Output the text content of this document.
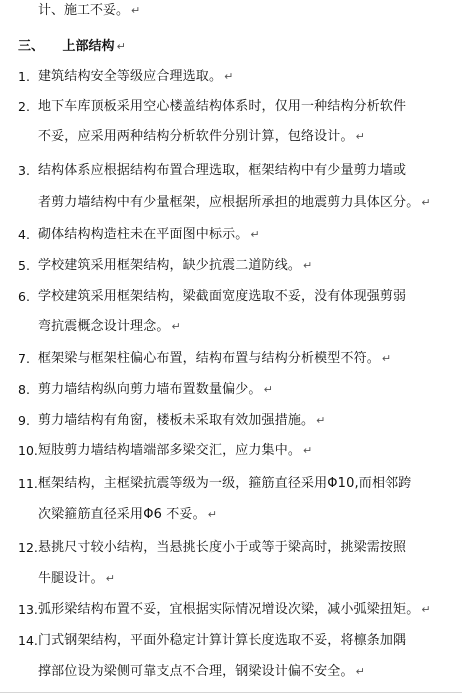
计、施工不妥。 ↵
三、 上部结构 ↵
1. 建筑结构安全等级应合理选取。 ↵
2. 地下车库顶板采用空心楼盖结构体系时，仅用一种结构分析软件
不妥，应采用两种结构分析软件分别计算，包络设计。 ↵
3. 结构体系应根据结构布置合理选取，框架结构中有少量剪力墙或
者剪力墙结构中有少量框架，应根据所承担的地震剪力具体区分。 ↵
4. 砌体结构构造柱未在平面图中标示。 ↵
5. 学校建筑采用框架结构，缺少抗震二道防线。 ↵
6. 学校建筑采用框架结构，梁截面宽度选取不妥，没有体现强剪弱
弯抗震概念设计理念。 ↵
7. 框架梁与框架柱偏心布置，结构布置与结构分析模型不符。 ↵
8. 剪力墙结构纵向剪力墙布置数量偏少。 ↵
9. 剪力墙结构有角窗，楼板未采取有效加强措施。 ↵
10. 短肢剪力墙结构墙端部多梁交汇，应力集中。 ↵
11. 框架结构，主框梁抗震等级为一级，箍筋直径采用Φ10,而相邻跨
次梁箍筋直径采用Φ6 不妥。 ↵
12. 悬挑尺寸较小结构，当悬挑长度小于或等于梁高时，挑梁需按照
牛腿设计。 ↵
13. 弧形梁结构布置不妥，宜根据实际情况增设次梁，减小弧梁扭矩。 ↵
14. 门式钢架结构，平面外稳定计算计算长度选取不妥，将檩条加隅
撑部位设为梁侧可靠支点不合理，钢梁设计偏不安全。 ↵
